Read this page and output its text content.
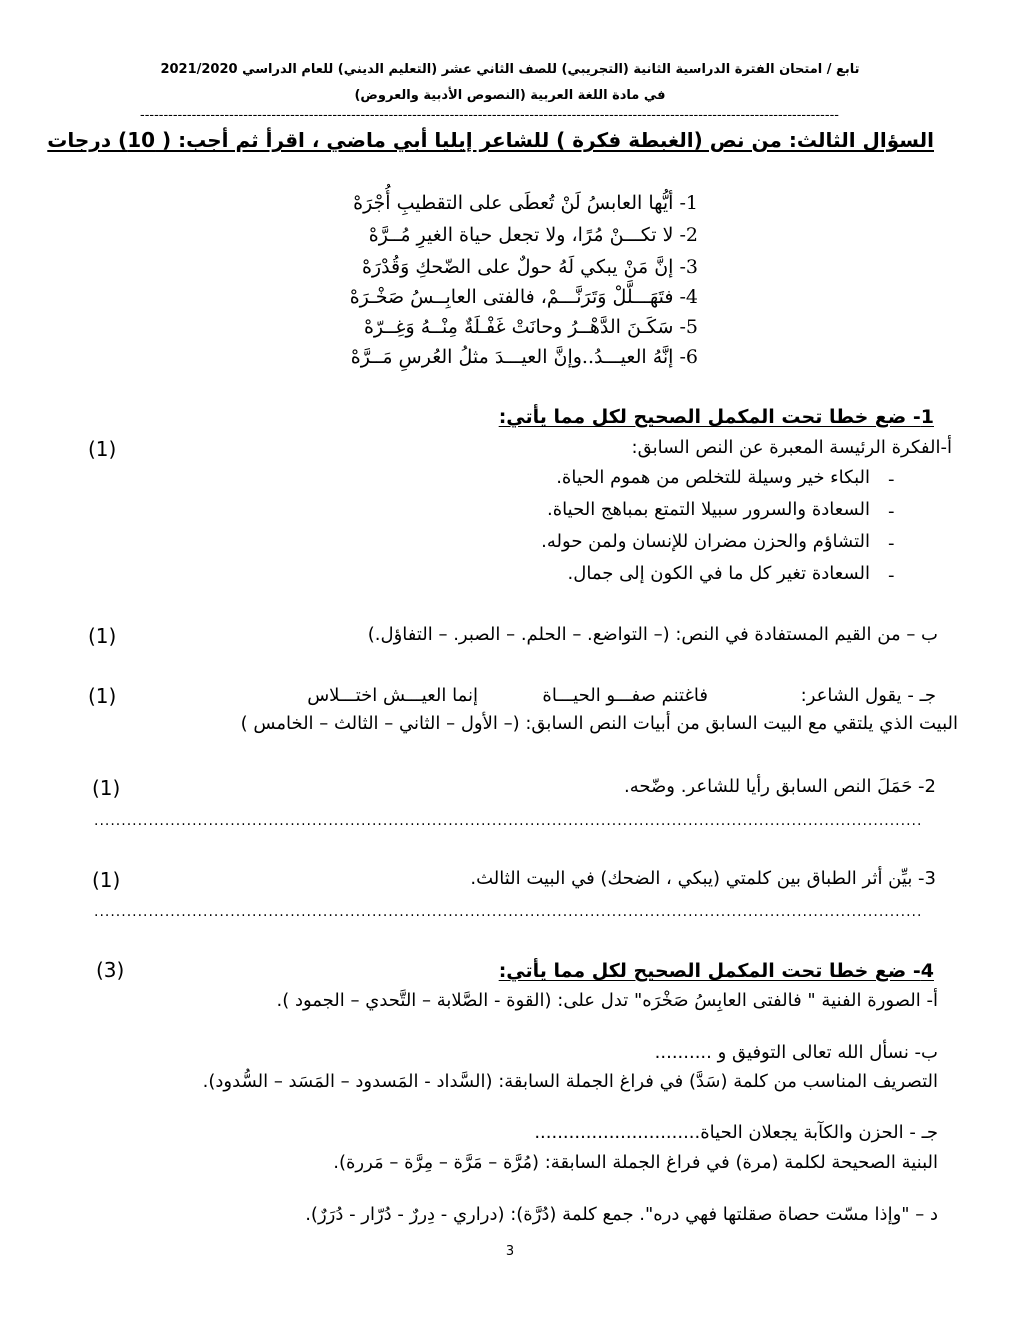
تابع / امتحان الفترة الدراسية الثانية (التجريبي) للصف الثاني عشر (التعليم الديني) للعام الدراسي 2021/2020
في مادة اللغة العربية (النصوص الأدبية والعروض)
-----------------------------------------------------------------------------------------------------------------------------------------------------
السؤال الثالث: من نص (الغبطة فكرة ) للشاعر إيليا أبي ماضي ، اقرأ ثم أجب: ( 10) درجات
1- أيُّها العابسُ لَنْ تُعطَى على التقطيبِ أُجْرَهْ
2- لا تكـــنْ مُرًا، ولا تجعل حياة الغيرِ مُــرَّهْ
3- إنَّ مَنْ يبكي لَهُ حولٌ على الضّحكِ وَقُدْرَهْ
4- فتَهَـــلَّلْ وَتَرَنَّـــمْ، فالفتى العابِــسُ صَخْـرَهْ
5- سَكَـنَ الدَّهْــرُ وحانَتْ غَفْـلَةٌ مِنْــهُ وَغِــرّهْ
6- إنَّهُ العيـــدُ..وإنَّ العيـــدَ مثلُ العُرسِ مَــرَّهْ
1- ضع خطا تحت المكمل الصحيح لكل مما يأتي:
أ-الفكرة الرئيسة المعبرة عن النص السابق:
(1)
-
البكاء خير وسيلة للتخلص من هموم الحياة.
-
السعادة والسرور سبيلا التمتع بمباهج الحياة.
-
التشاؤم والحزن مضران للإنسان ولمن حوله.
-
السعادة تغير كل ما في الكون إلى جمال.
ب – من القيم المستفادة في النص: (– التواضع. – الحلم. – الصبر. – التفاؤل.)
(1)
جـ - يقول الشاعر:
فاغتنم صفـــو الحيـــاة
إنما العيـــش اختـــلاس
(1)
البيت الذي يلتقي مع البيت السابق من أبيات النص السابق: (– الأول – الثاني – الثالث – الخامس )
2- حَمَلَ النص السابق رأيا للشاعر. وضّحه.
(1)
........................................................................................................................................................
3- بيِّن أثر الطباق بين كلمتي (يبكي ، الضحك) في البيت الثالث.
(1)
........................................................................................................................................................
4- ضع خطا تحت المكمل الصحيح لكل مما يأتي:
(3)
أ- الصورة الفنية " فالفتى العابِسُ صَخْرَه" تدل على: (القوة - الصَّلابة – التَّحدي – الجمود ).
ب- نسأل الله تعالى التوفيق و ..........
التصريف المناسب من كلمة (سَدَّ) في فراغ الجملة السابقة: (السَّداد - المَسدود – المَسَد – السُّدود).
جـ - الحزن والكآبة يجعلان الحياة.............................
البنية الصحيحة لكلمة (مرة) في فراغ الجملة السابقة: (مُرَّة – مَرَّة – مِرَّة – مَررة).
د – "وإذا مسّت حصاة صقلتها فهي دره". جمع كلمة (دُرَّة): (دراري - دِررٌ - دُرّار - دُرَرٌ).
3
